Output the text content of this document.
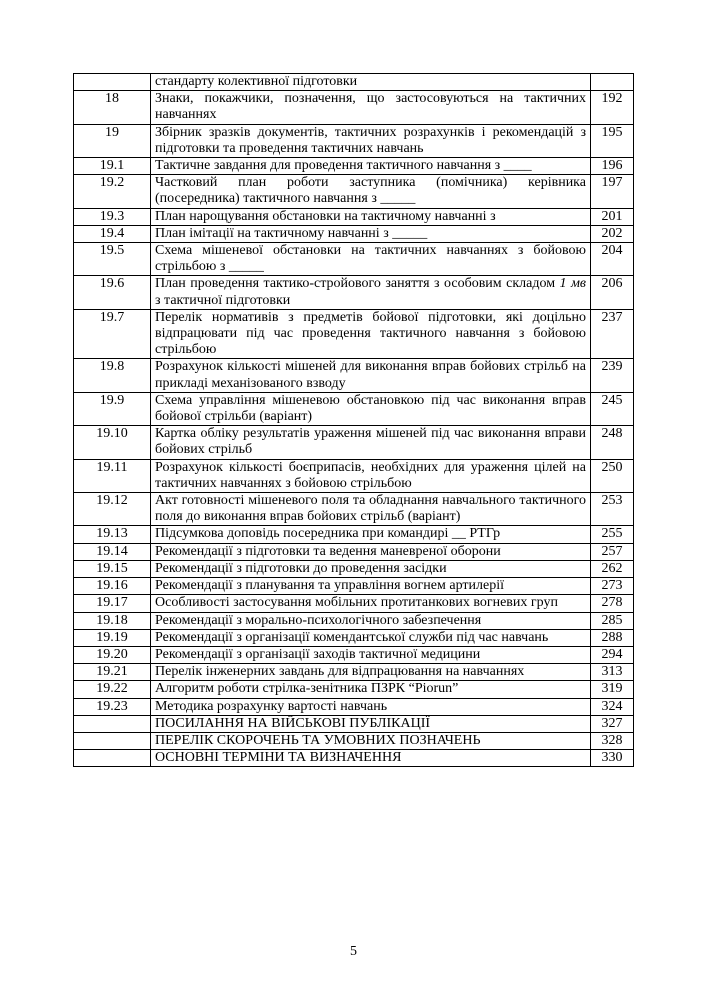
	стандарту колективної підготовки	
18	Знаки, покажчики, позначення, що застосовуються на тактичних навчаннях	192
19	Збірник зразків документів, тактичних розрахунків і рекомендацій з підготовки та проведення тактичних навчань	195
19.1	Тактичне завдання для проведення тактичного навчання з ____	196
19.2	Частковий план роботи заступника (помічника) керівника (посередника) тактичного навчання з _____	197
19.3	План нарощування обстановки на тактичному навчанні з	201
19.4	План імітації на тактичному навчанні з _____	202
19.5	Схема мішеневої обстановки на тактичних навчаннях з бойовою стрільбою з _____	204
19.6	План проведення тактико-стройового заняття з особовим складом 1 мв з тактичної підготовки	206
19.7	Перелік нормативів з предметів бойової підготовки, які доцільно відпрацювати під час проведення тактичного навчання з бойовою стрільбою	237
19.8	Розрахунок кількості мішеней для виконання вправ бойових стрільб на прикладі механізованого взводу	239
19.9	Схема управління мішеневою обстановкою під час виконання вправ бойової стрільби (варіант)	245
19.10	Картка обліку результатів ураження мішеней під час виконання вправи бойових стрільб	248
19.11	Розрахунок кількості боєприпасів, необхідних для ураження цілей на тактичних навчаннях з бойовою стрільбою	250
19.12	Акт готовності мішеневого поля та обладнання навчального тактичного поля до виконання вправ бойових стрільб (варіант)	253
19.13	Підсумкова доповідь посередника при командирі __ РТГр	255
19.14	Рекомендації з підготовки та ведення маневреної оборони	257
19.15	Рекомендації з підготовки до проведення засідки	262
19.16	Рекомендації з планування та управління вогнем артилерії	273
19.17	Особливості застосування мобільних протитанкових вогневих груп	278
19.18	Рекомендації з морально-психологічного забезпечення	285
19.19	Рекомендації з організації комендантської служби під час навчань	288
19.20	Рекомендації з організації заходів тактичної медицини	294
19.21	Перелік інженерних завдань для відпрацювання на навчаннях	313
19.22	Алгоритм роботи стрілка-зенітника ПЗРК “Piorun”	319
19.23	Методика розрахунку вартості навчань	324
	ПОСИЛАННЯ НА ВІЙСЬКОВІ ПУБЛІКАЦІЇ	327
	ПЕРЕЛІК СКОРОЧЕНЬ ТА УМОВНИХ ПОЗНАЧЕНЬ	328
	ОСНОВНІ ТЕРМІНИ ТА ВИЗНАЧЕННЯ	330
5
